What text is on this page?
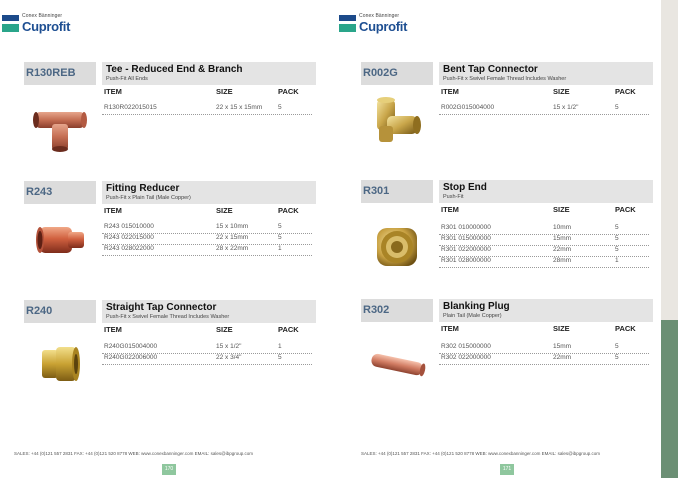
Conex Bänninger
Cuprofit
R130REB	Tee - Reduced End & Branch
Push-Fit All Ends
ITEM	SIZE	PACK
R130R022015015	22 x 15 x 15mm 5
R243	Fitting Reducer
Push-Fit x Plain Tail (Male Copper)
ITEM	SIZE	PACK
R243 015010000	15 x 10mm	5
R243 022015000	22 x 15mm	5
R243 028022000	28 x 22mm	1
R240	Straight Tap Connector
Push-Fit x Swivel Female Thread Includes Washer
ITEM	SIZE	PACK
R240G015004000	15 x 1/2"	1
R240G022006000	22 x 3/4"	5
SALES: +44 (0)121 557 2831 FAX: +44 (0)121 520 8778 WEB: www.conexbanninger.com EMAIL: sales@ibpgroup.com
170
Conex Bänninger
Cuprofit
R002G	Bent Tap Connector
Push-Fit x Swivel Female Thread Includes Washer
ITEM	SIZE	PACK
R002G015004000	15 x 1/2"	5
R301	Stop End
Push-Fit
ITEM	SIZE	PACK
R301 010000000	10mm	5
R301 015000000	15mm	5
R301 022000000	22mm	5
R301 028000000	28mm	1
R302	Blanking Plug
Plain Tail (Male Copper)
ITEM	SIZE	PACK
R302 015000000	15mm	5
R302 022000000	22mm	5
SALES: +44 (0)121 557 2831 FAX: +44 (0)121 520 8778 WEB: www.conexbanninger.com EMAIL: sales@ibpgroup.com
171
